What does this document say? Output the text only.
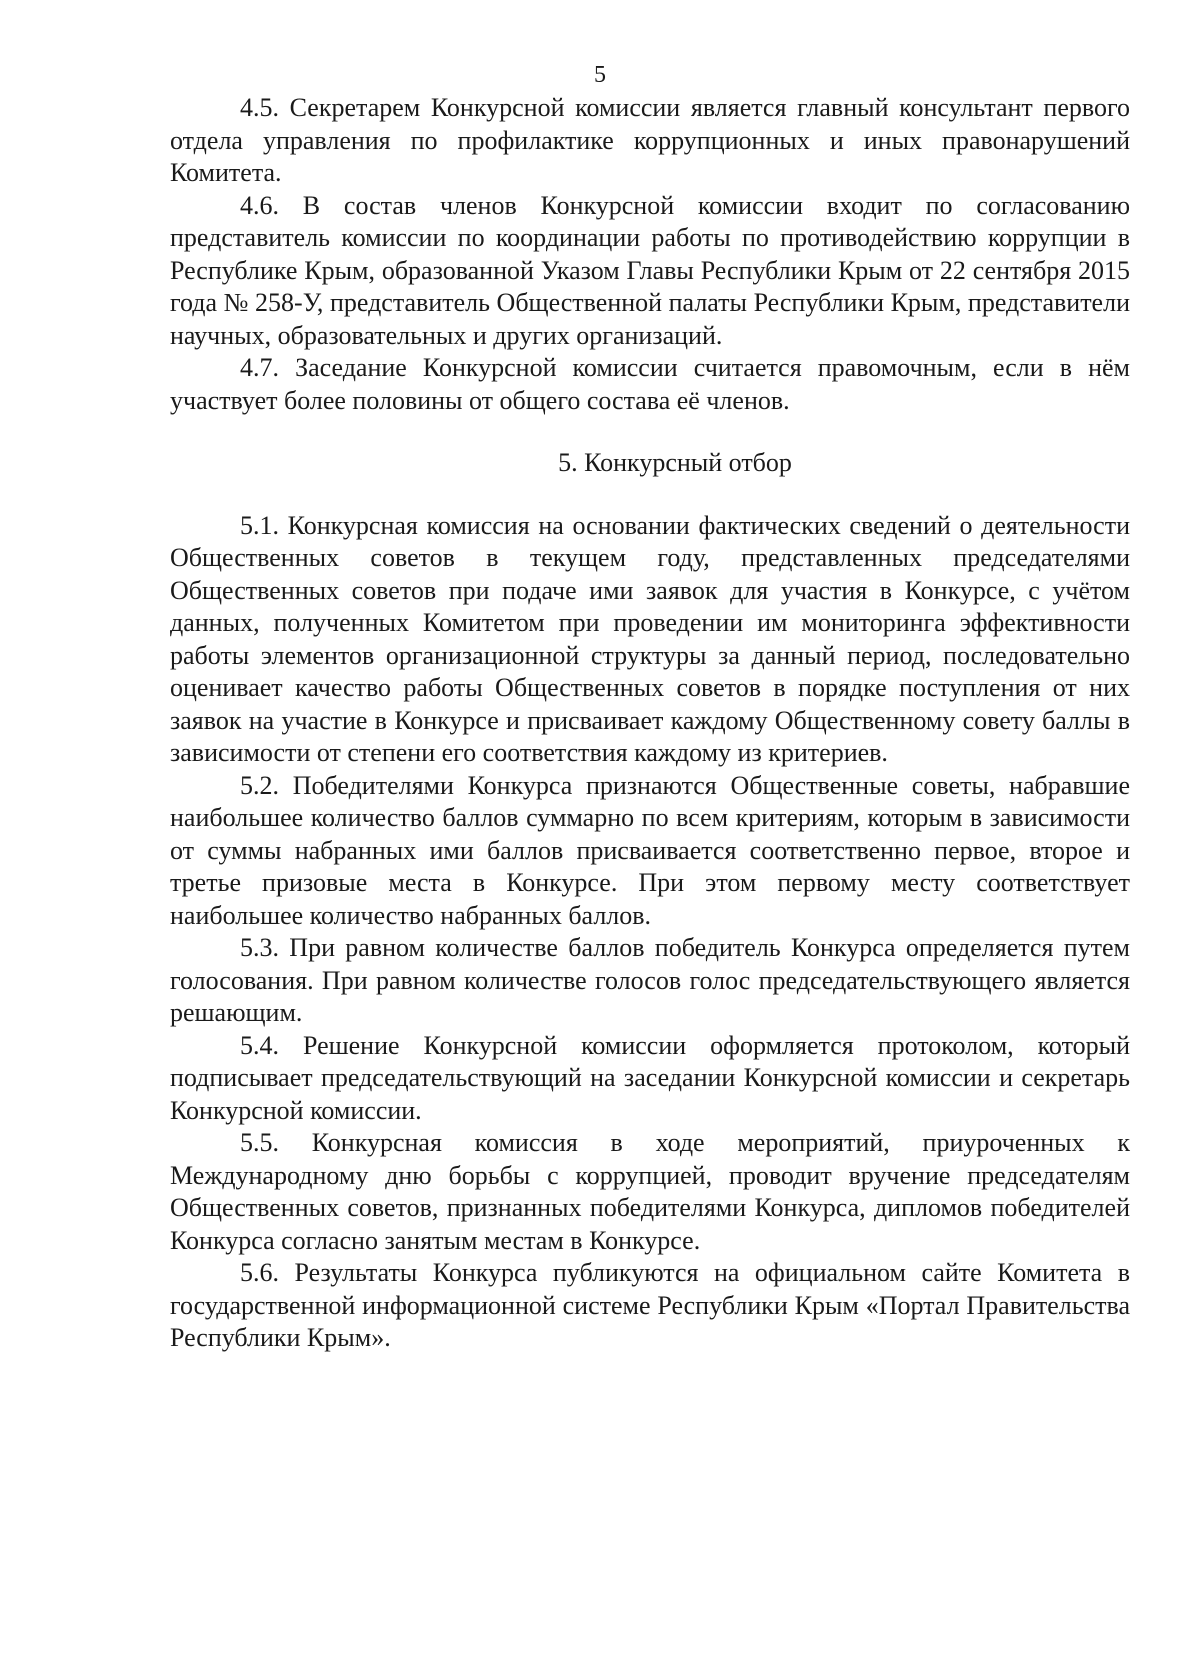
5

4.5. Секретарем Конкурсной комиссии является главный консультант первого отдела управления по профилактике коррупционных и иных правонарушений Комитета.

4.6. В состав членов Конкурсной комиссии входит по согласованию представитель комиссии по координации работы по противодействию коррупции в Республике Крым, образованной Указом Главы Республики Крым от 22 сентября 2015 года № 258-У, представитель Общественной палаты Республики Крым, представители научных, образовательных и других организаций.

4.7. Заседание Конкурсной комиссии считается правомочным, если в нём участвует более половины от общего состава её членов.

5. Конкурсный отбор

5.1. Конкурсная комиссия на основании фактических сведений о деятельности Общественных советов в текущем году, представленных председателями Общественных советов при подаче ими заявок для участия в Конкурсе, с учётом данных, полученных Комитетом при проведении им мониторинга эффективности работы элементов организационной структуры за данный период, последовательно оценивает качество работы Общественных советов в порядке поступления от них заявок на участие в Конкурсе и присваивает каждому Общественному совету баллы в зависимости от степени его соответствия каждому из критериев.

5.2. Победителями Конкурса признаются Общественные советы, набравшие наибольшее количество баллов суммарно по всем критериям, которым в зависимости от суммы набранных ими баллов присваивается соответственно первое, второе и третье призовые места в Конкурсе. При этом первому месту соответствует наибольшее количество набранных баллов.

5.3. При равном количестве баллов победитель Конкурса определяется путем голосования. При равном количестве голосов голос председательствующего является решающим.

5.4. Решение Конкурсной комиссии оформляется протоколом, который подписывает председательствующий на заседании Конкурсной комиссии и секретарь Конкурсной комиссии.

5.5. Конкурсная комиссия в ходе мероприятий, приуроченных к Международному дню борьбы с коррупцией, проводит вручение председателям Общественных советов, признанных победителями Конкурса, дипломов победителей Конкурса согласно занятым местам в Конкурсе.

5.6. Результаты Конкурса публикуются на официальном сайте Комитета в государственной информационной системе Республики Крым «Портал Правительства Республики Крым».
